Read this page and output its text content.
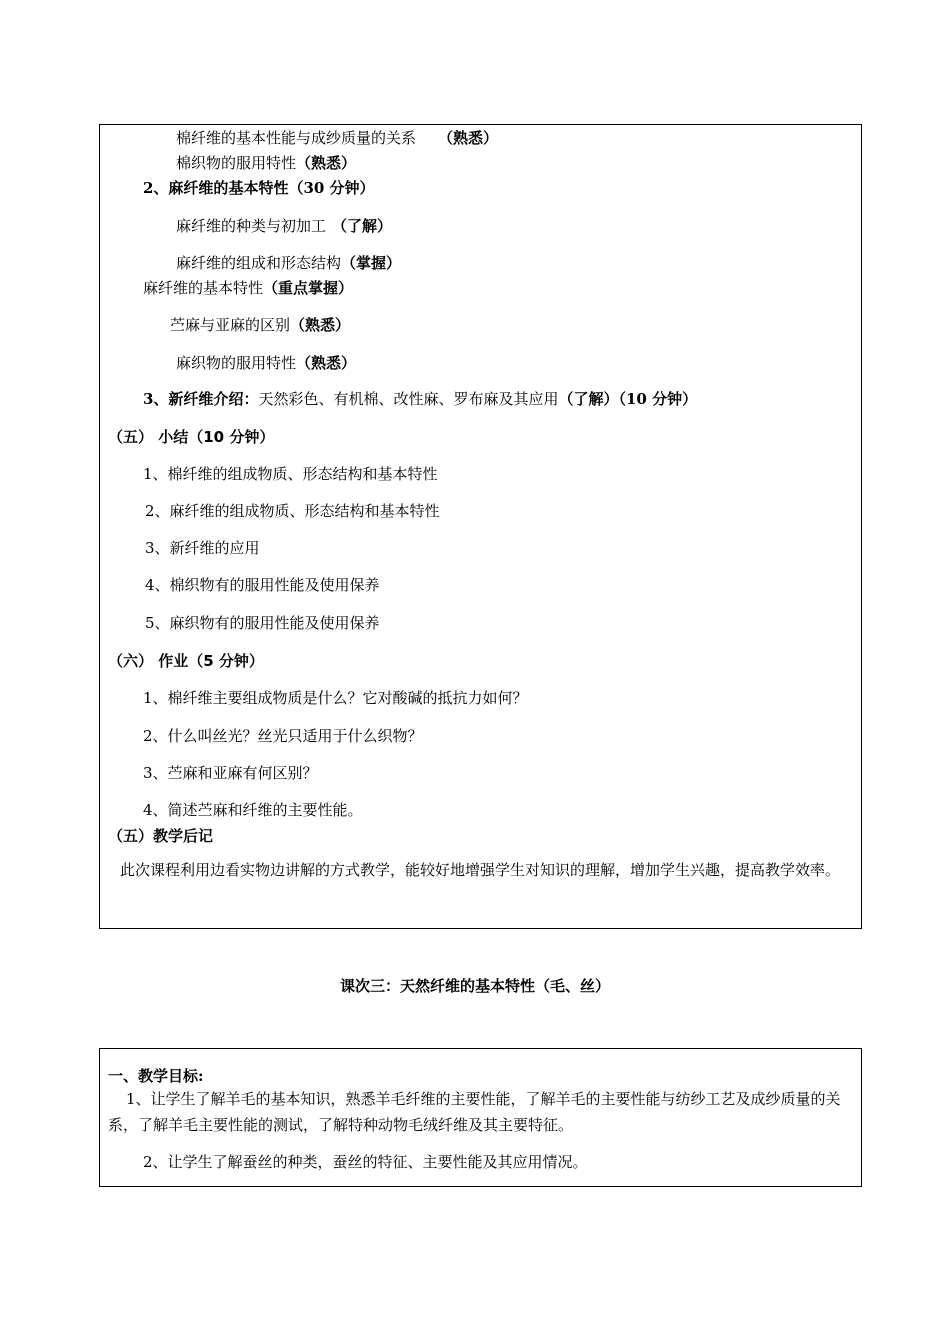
棉纤维的基本性能与成纱质量的关系 （熟悉）
棉织物的服用特性（熟悉）
2、麻纤维的基本特性（30 分钟）
麻纤维的种类与初加工 （了解）
麻纤维的组成和形态结构（掌握）
麻纤维的基本特性（重点掌握）
苎麻与亚麻的区别（熟悉）
麻织物的服用特性（熟悉）
3、新纤维介绍：天然彩色、有机棉、改性麻、罗布麻及其应用（了解）（10 分钟）
（五） 小结（10 分钟）
1、棉纤维的组成物质、形态结构和基本特性
2、麻纤维的组成物质、形态结构和基本特性
3、新纤维的应用
4、棉织物有的服用性能及使用保养
5、麻织物有的服用性能及使用保养
（六） 作业（5 分钟）
1、棉纤维主要组成物质是什么？它对酸碱的抵抗力如何？
2、什么叫丝光？丝光只适用于什么织物？
3、苎麻和亚麻有何区别？
4、简述苎麻和纤维的主要性能。
（五）教学后记
此次课程利用边看实物边讲解的方式教学，能较好地增强学生对知识的理解，增加学生兴趣，提高教学效率。
课次三：天然纤维的基本特性（毛、丝）
一、教学目标:
1、让学生了解羊毛的基本知识，熟悉羊毛纤维的主要性能，了解羊毛的主要性能与纺纱工艺及成纱质量的关系，了解羊毛主要性能的测试，了解特种动物毛绒纤维及其主要特征。
2、让学生了解蚕丝的种类，蚕丝的特征、主要性能及其应用情况。
